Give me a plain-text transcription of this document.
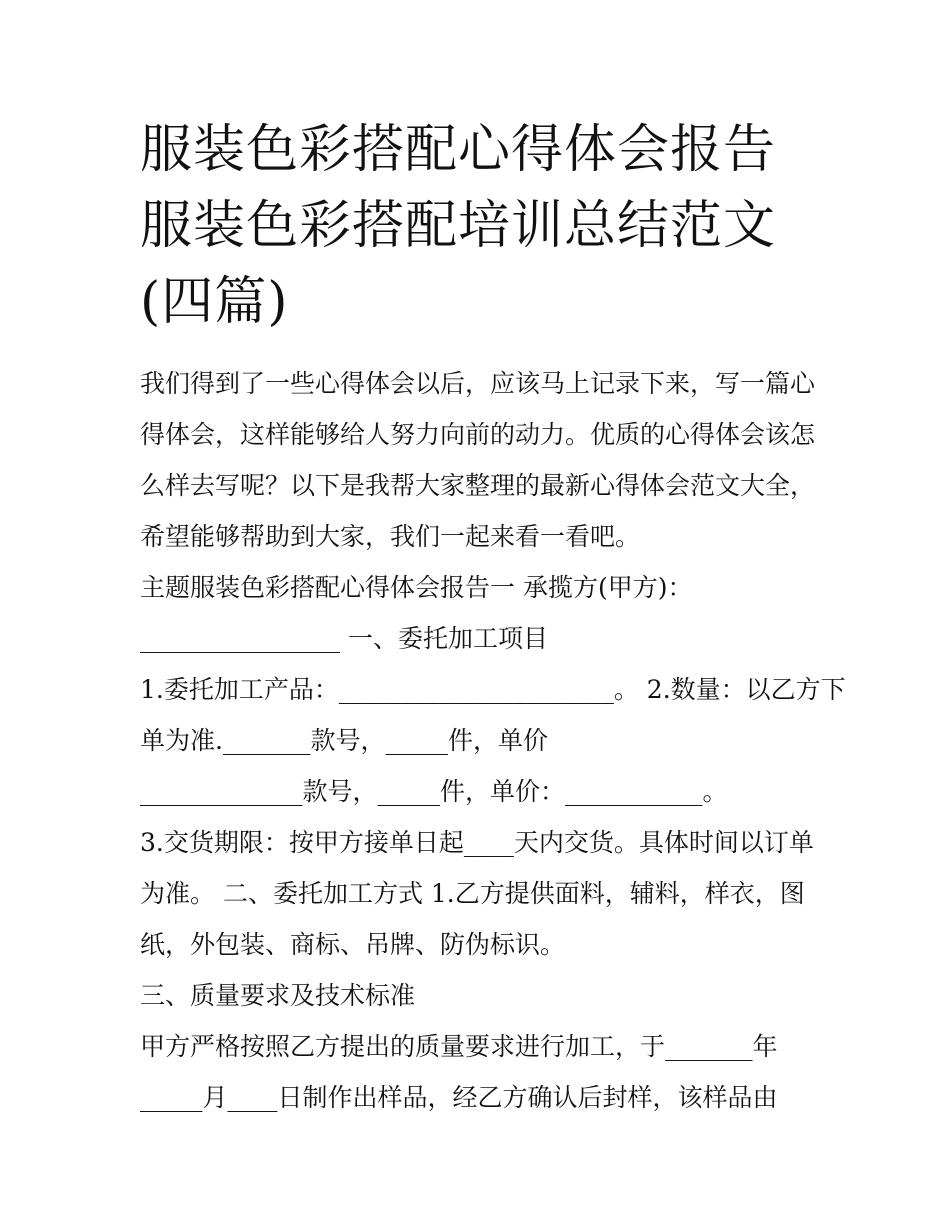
服装色彩搭配心得体会报告 服装色彩搭配培训总结范文(四篇)
我们得到了一些心得体会以后，应该马上记录下来，写一篇心
得体会，这样能够给人努力向前的动力。优质的心得体会该怎
么样去写呢？以下是我帮大家整理的最新心得体会范文大全，
希望能够帮助到大家，我们一起来看一看吧。
主题服装色彩搭配心得体会报告一 承揽方(甲方)：
________________ 一、委托加工项目
1.委托加工产品：______________________。 2.数量：以乙方下
单为准._______款号，_____件，单价
_____________款号，_____件，单价：___________。
3.交货期限：按甲方接单日起____天内交货。具体时间以订单
为准。 二、委托加工方式 1.乙方提供面料，辅料，样衣，图
纸，外包装、商标、吊牌、防伪标识。
三、质量要求及技术标准
甲方严格按照乙方提出的质量要求进行加工，于_______年
_____月____日制作出样品，经乙方确认后封样，该样品由
